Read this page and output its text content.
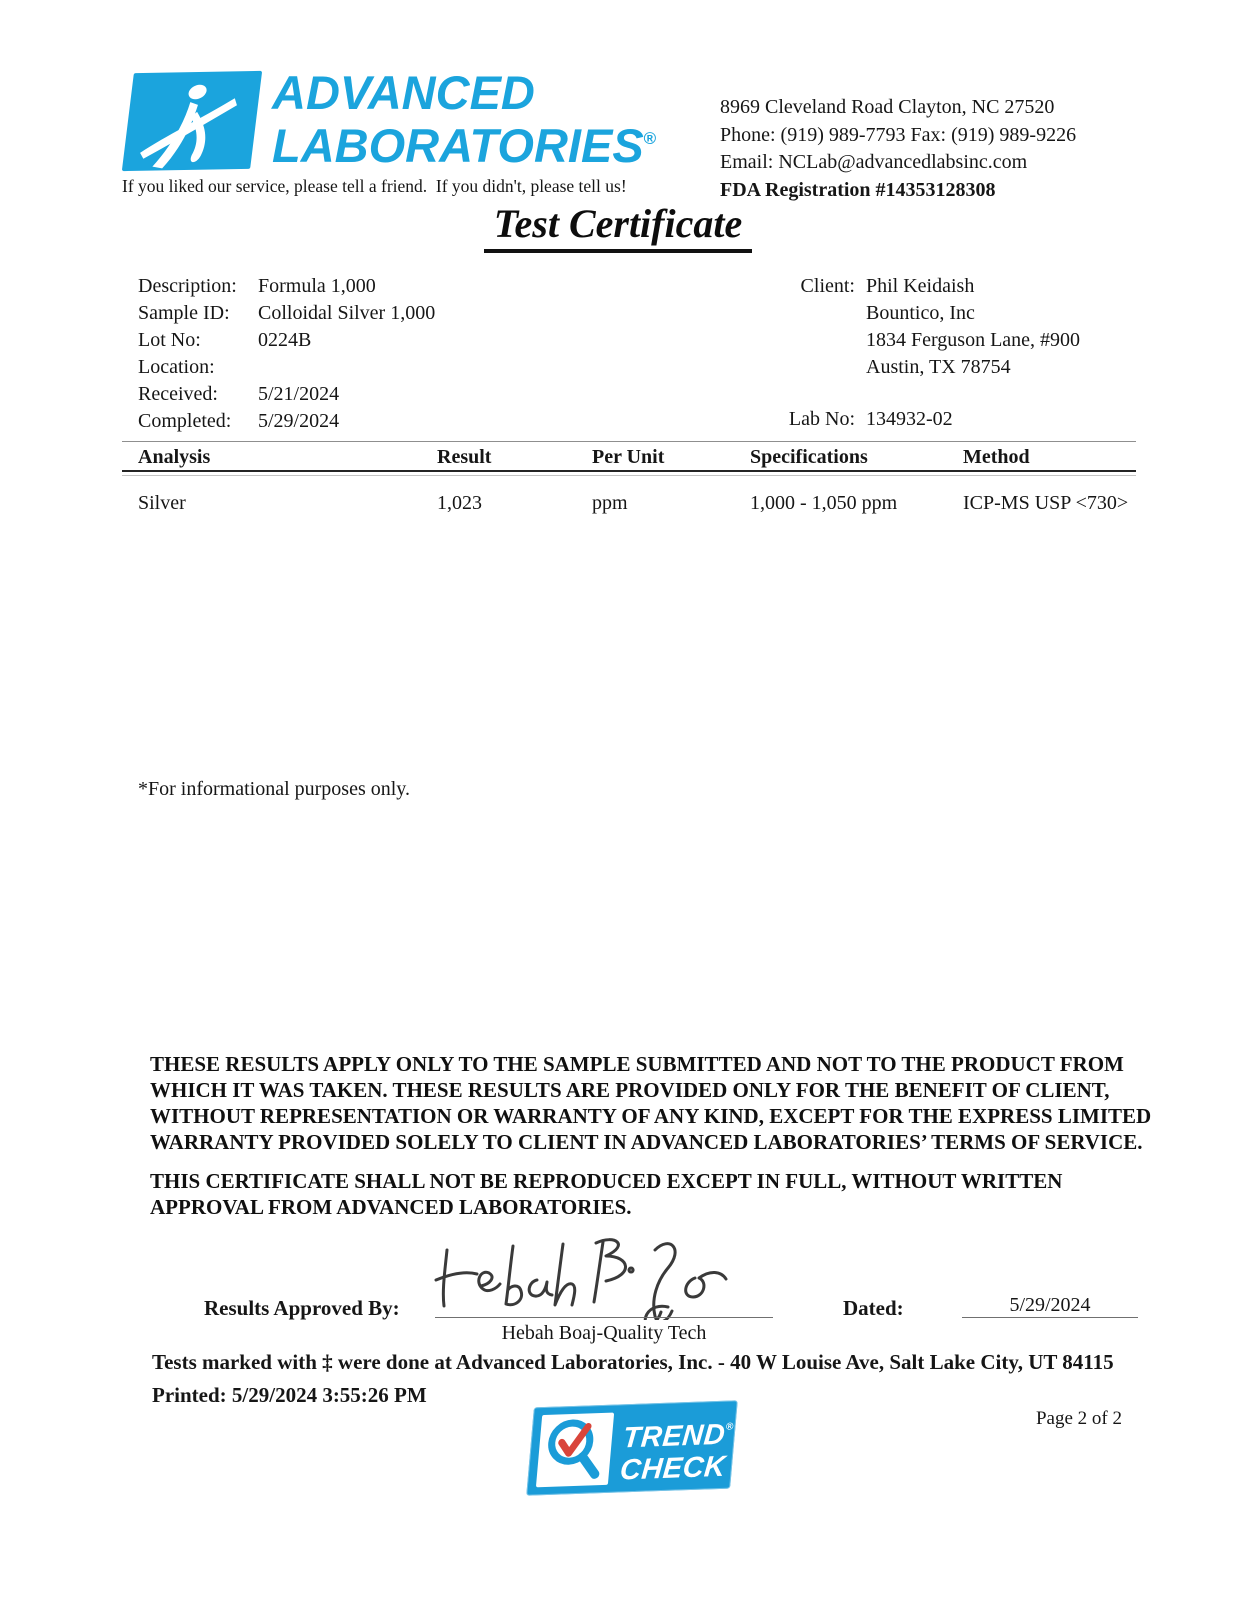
ADVANCED
LABORATORIES®
If you liked our service, please tell a friend.  If you didn't, please tell us!
8969 Cleveland Road Clayton, NC 27520
Phone: (919) 989-7793 Fax: (919) 989-9226
Email: NCLab@advancedlabsinc.com
FDA Registration #14353128308
Test Certificate
Description: Formula 1,000
Sample ID: Colloidal Silver 1,000
Lot No:	0224B
Location:
Received: 5/21/2024
Completed: 5/29/2024
Client: Phil Keidaish
Bountico, Inc
1834 Ferguson Lane, #900
Austin, TX 78754
Lab No: 134932-02
Analysis	Result	Per Unit	Specifications	Method
Silver	1,023	ppm	1,000 - 1,050 ppm	ICP-MS USP <730>
*For informational purposes only.
THESE RESULTS APPLY ONLY TO THE SAMPLE SUBMITTED AND NOT TO THE PRODUCT FROM
WHICH IT WAS TAKEN. THESE RESULTS ARE PROVIDED ONLY FOR THE BENEFIT OF CLIENT,
WITHOUT REPRESENTATION OR WARRANTY OF ANY KIND, EXCEPT FOR THE EXPRESS LIMITED
WARRANTY PROVIDED SOLELY TO CLIENT IN ADVANCED LABORATORIES’ TERMS OF SERVICE.
THIS CERTIFICATE SHALL NOT BE REPRODUCED EXCEPT IN FULL, WITHOUT WRITTEN
APPROVAL FROM ADVANCED LABORATORIES.
Results Approved By:
Hebah Boaj-Quality Tech
Dated:	5/29/2024
Tests marked with ‡ were done at Advanced Laboratories, Inc. - 40 W Louise Ave, Salt Lake City, UT 84115
Printed: 5/29/2024 3:55:26 PM
Page 2 of 2
TREND®
CHECK
